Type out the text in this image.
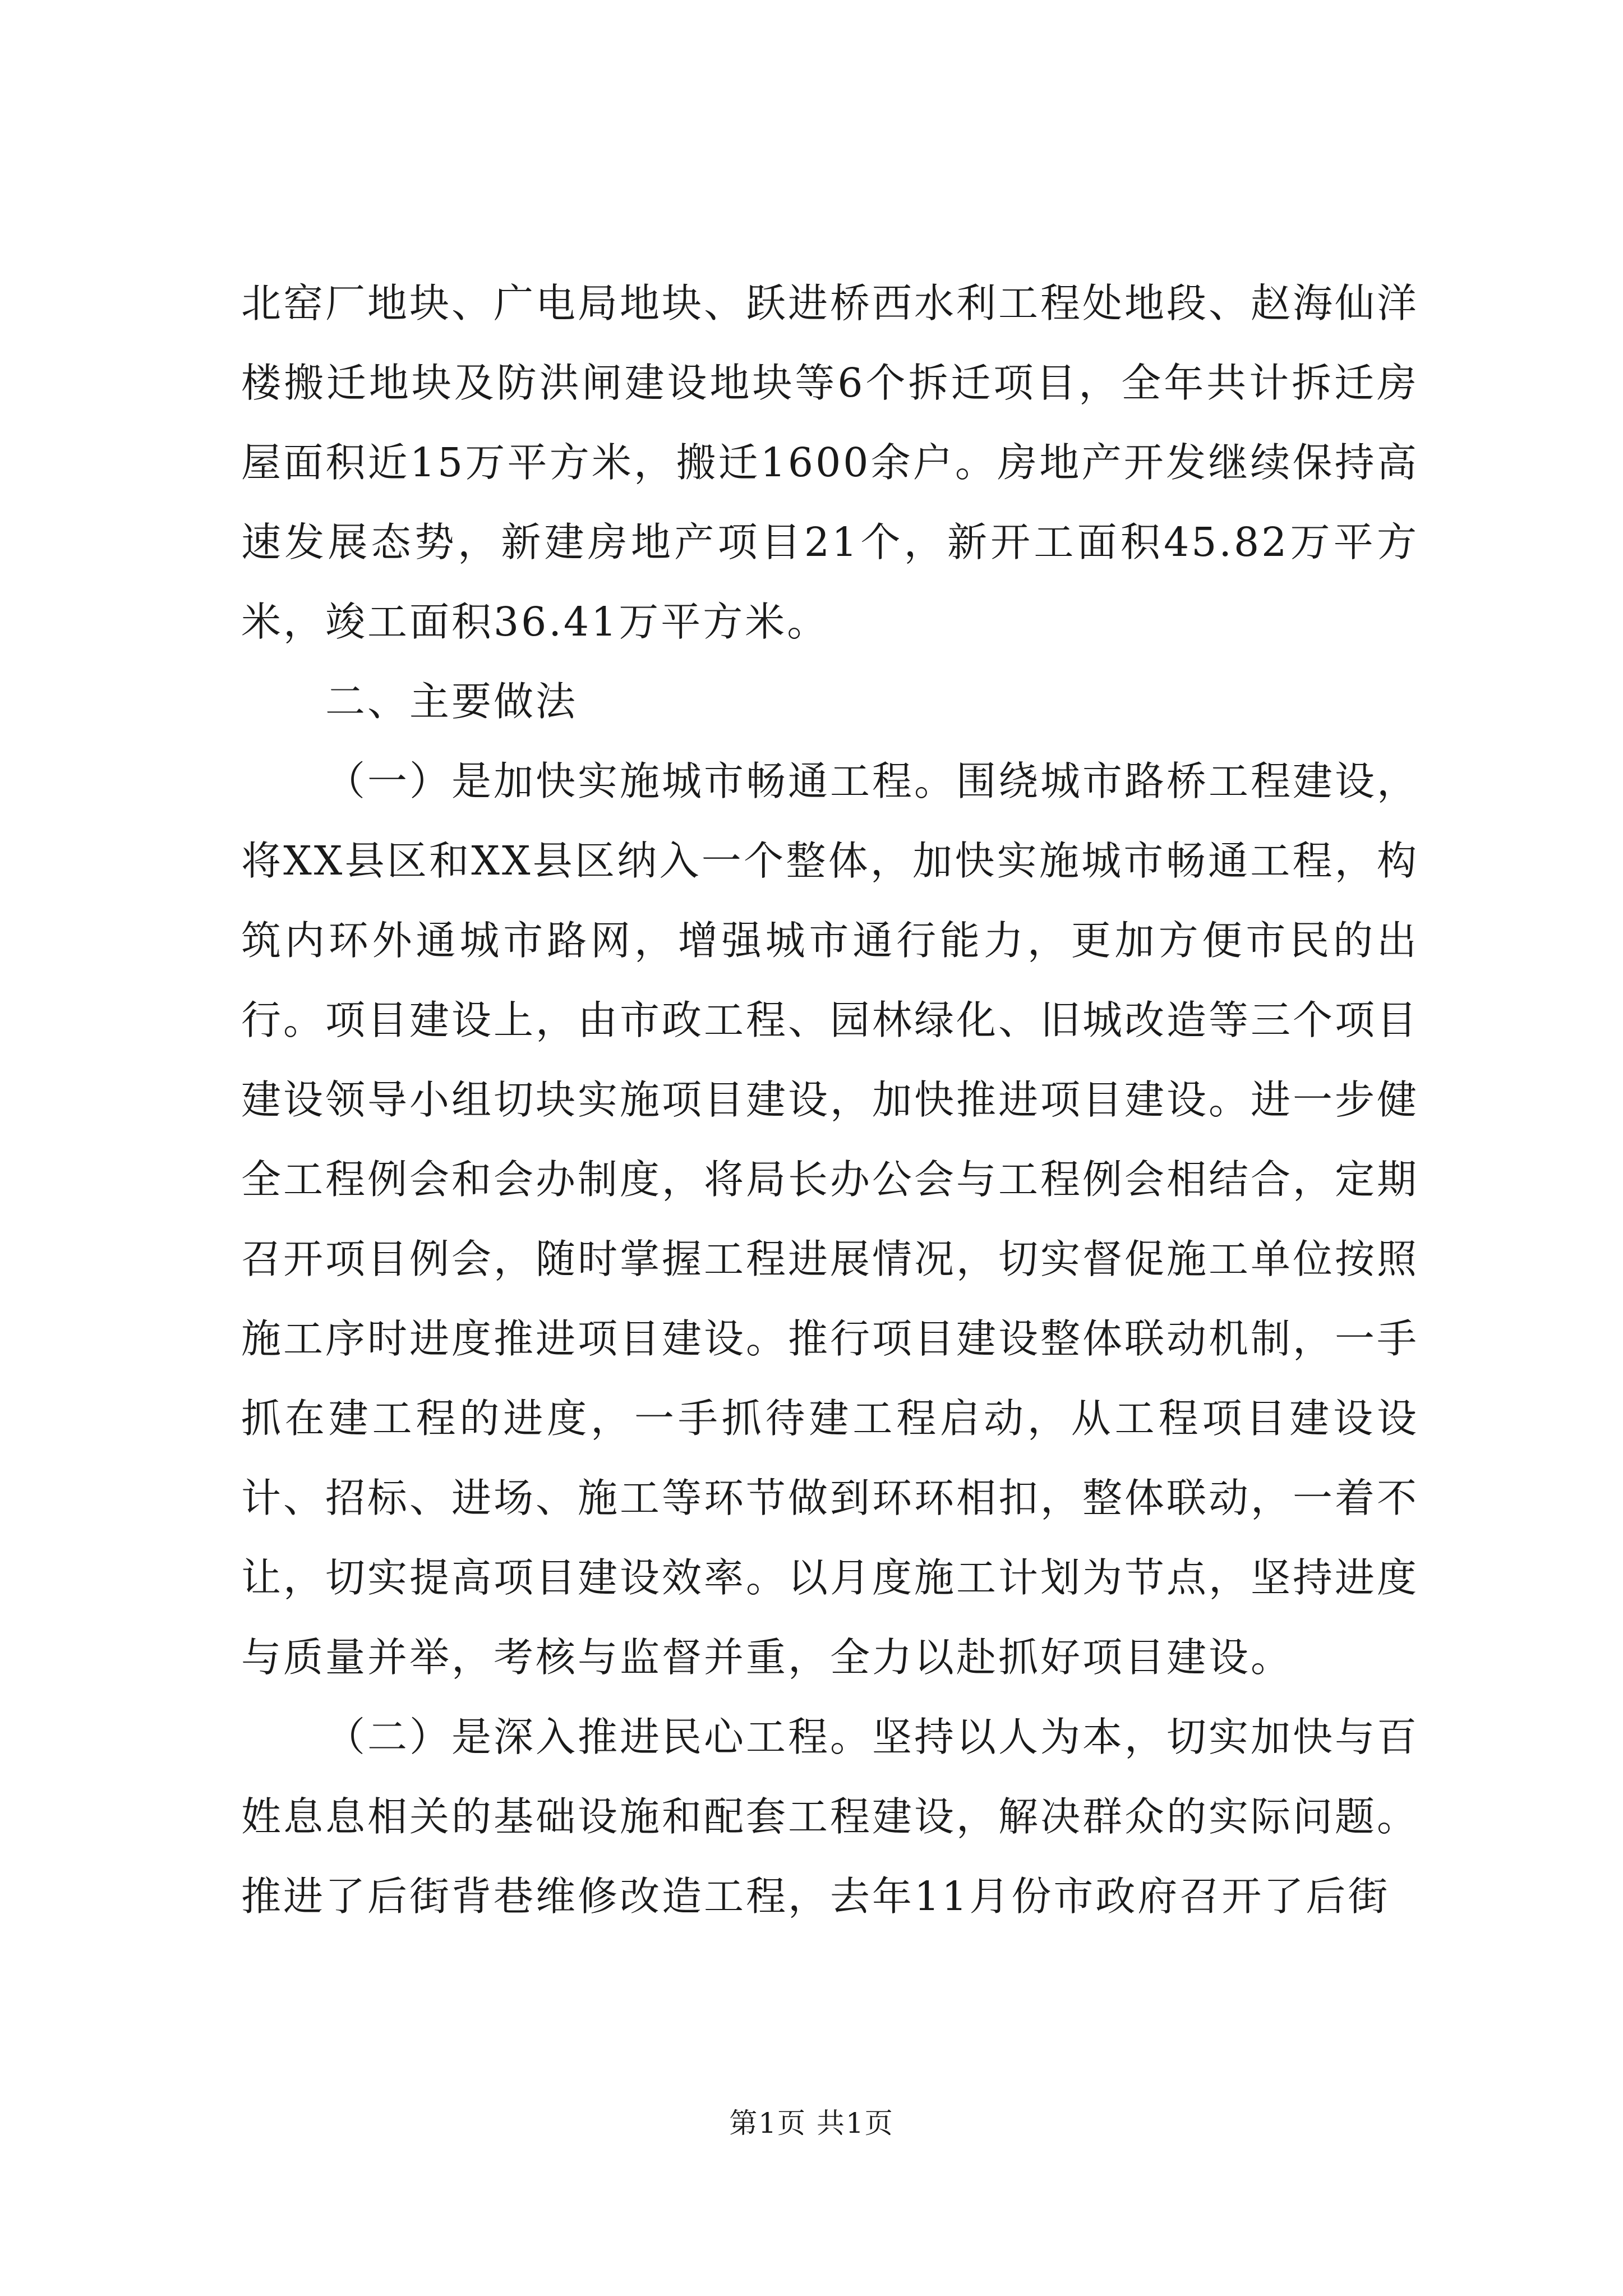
北窑厂地块、广电局地块、跃进桥西水利工程处地段、赵海仙洋楼搬迁地块及防洪闸建设地块等6个拆迁项目，全年共计拆迁房屋面积近15万平方米，搬迁1600余户。房地产开发继续保持高速发展态势，新建房地产项目21个，新开工面积45.82万平方米，竣工面积36.41万平方米。

二、主要做法

（一）是加快实施城市畅通工程。围绕城市路桥工程建设，将XX县区和XX县区纳入一个整体，加快实施城市畅通工程，构筑内环外通城市路网，增强城市通行能力，更加方便市民的出行。项目建设上，由市政工程、园林绿化、旧城改造等三个项目建设领导小组切块实施项目建设，加快推进项目建设。进一步健全工程例会和会办制度，将局长办公会与工程例会相结合，定期召开项目例会，随时掌握工程进展情况，切实督促施工单位按照施工序时进度推进项目建设。推行项目建设整体联动机制，一手抓在建工程的进度，一手抓待建工程启动，从工程项目建设设计、招标、进场、施工等环节做到环环相扣，整体联动，一着不让，切实提高项目建设效率。以月度施工计划为节点，坚持进度与质量并举，考核与监督并重，全力以赴抓好项目建设。

（二）是深入推进民心工程。坚持以人为本，切实加快与百姓息息相关的基础设施和配套工程建设，解决群众的实际问题。推进了后街背巷维修改造工程，去年11月份市政府召开了后街

第1页 共1页
